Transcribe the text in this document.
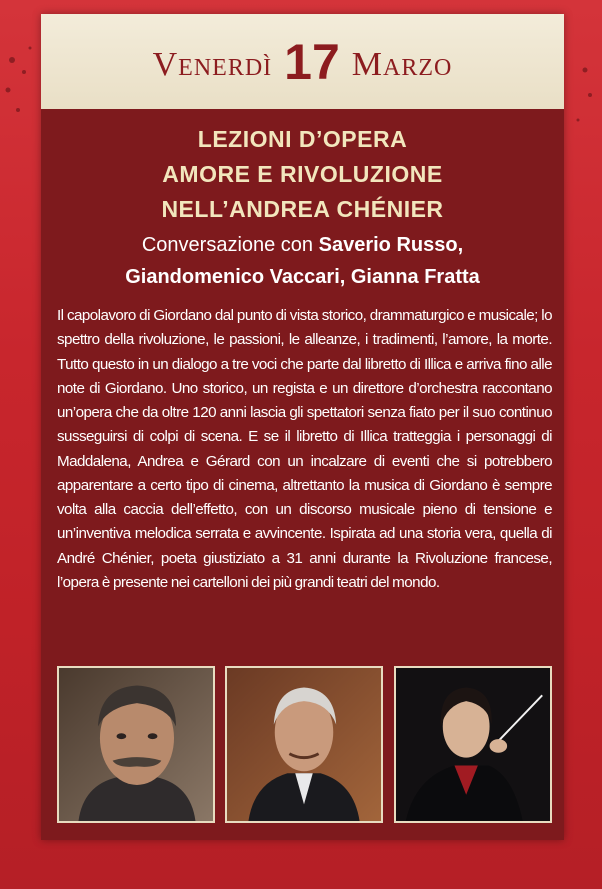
Venerdì 17 Marzo
LEZIONI D’OPERA
AMORE E RIVOLUZIONE
NELL’ANDREA CHÉNIER
Conversazione con Saverio Russo,
Giandomenico Vaccari, Gianna Fratta
Il capolavoro di Giordano dal punto di vista storico, drammaturgico e musicale; lo spettro della rivoluzione, le passioni, le alleanze, i tradimenti, l’amore, la morte. Tutto questo in un dialogo a tre voci che parte dal libretto di Illica e arriva fino alle note di Giordano. Uno storico, un regista e un direttore d’orchestra raccontano un’opera che da oltre 120 anni lascia gli spettatori senza fiato per il suo continuo susseguirsi di colpi di scena. E se il libretto di Illica tratteggia i personaggi di Maddalena, Andrea e Gérard con un incalzare di eventi che si potrebbero apparentare a certo tipo di cinema, altrettanto la musica di Giordano è sempre volta alla caccia dell’effetto, con un discorso musicale pieno di tensione e un’inventiva melodica serrata e avvincente. Ispirata ad una storia vera, quella di André Chénier, poeta giustiziato a 31 anni durante la Rivoluzione francese, l’opera è presente nei cartelloni dei più grandi teatri del mondo.
